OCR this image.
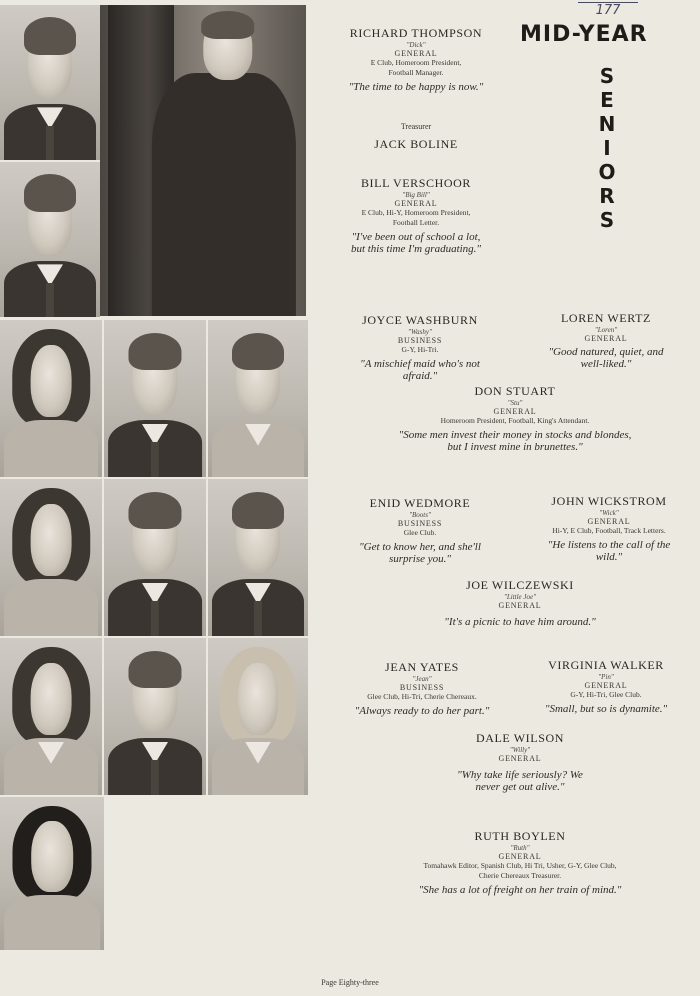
177
MID-YEAR
S
E
N
I
O
R
S
RICHARD THOMPSON
"Dick"
GENERAL
E Club, Homeroom President,
Football Manager.
"The time to be happy is now."
Treasurer
JACK BOLINE
BILL VERSCHOOR
"Big Bill"
GENERAL
E Club, Hi-Y, Homeroom President,
Football Letter.
"I've been out of school a lot,
but this time I'm graduating."
JOYCE WASHBURN
"Washy"
BUSINESS
G-Y, Hi-Tri.
"A mischief maid who's not
afraid."
LOREN WERTZ
"Loren"
GENERAL
"Good natured, quiet, and
well-liked."
DON STUART
"Stu"
GENERAL
Homeroom President, Football, King's Attendant.
"Some men invest their money in stocks and blondes,
but I invest mine in brunettes."
ENID WEDMORE
"Boots"
BUSINESS
Glee Club.
"Get to know her, and she'll
surprise you."
JOHN WICKSTROM
"Wick"
GENERAL
Hi-Y, E Club, Football, Track Letters.
"He listens to the call of the
wild."
JOE WILCZEWSKI
"Little Joe"
GENERAL
"It's a picnic to have him around."
JEAN YATES
"Jean"
BUSINESS
Glee Club, Hi-Tri, Cherie Chereaux.
"Always ready to do her part."
VIRGINIA WALKER
"Pin"
GENERAL
G-Y, Hi-Tri, Glee Club.
"Small, but so is dynamite."
DALE WILSON
"Willy"
GENERAL
"Why take life seriously? We
never get out alive."
RUTH BOYLEN
"Ruth"
GENERAL
Tomahawk Editor, Spanish Club, Hi Tri, Usher, G-Y, Glee Club,
Cherie Chereaux Treasurer.
"She has a lot of freight on her train of mind."
Page Eighty-three
